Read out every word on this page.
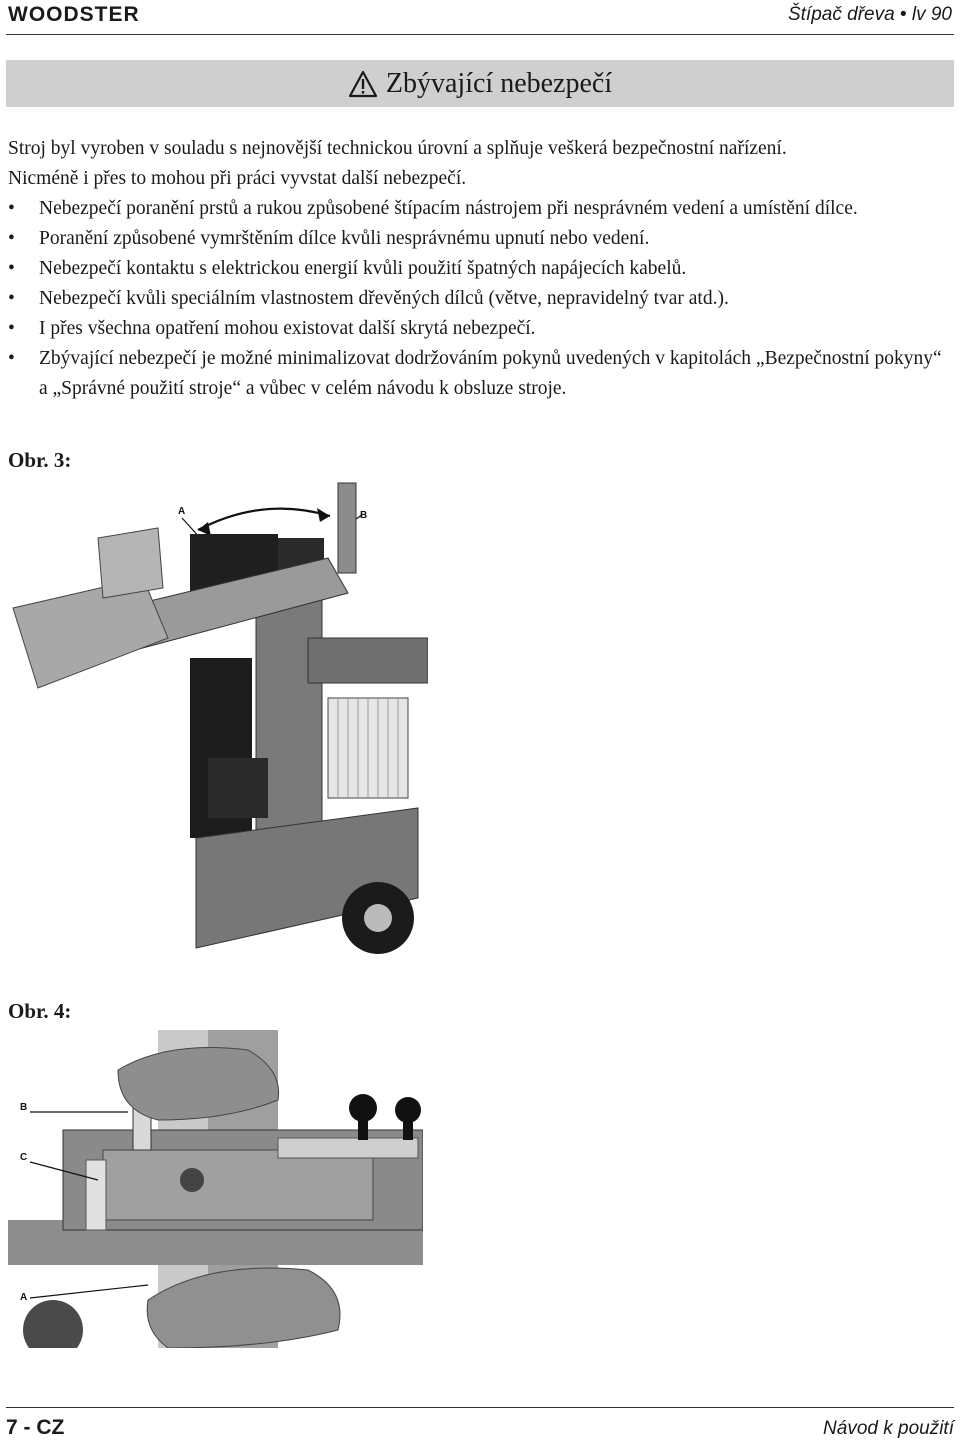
WOODSTER	Štípač dřeva • lv 90
Zbývající nebezpečí

Stroj byl vyroben v souladu s nejnovější technickou úrovní a splňuje veškerá bezpečnostní nařízení.

Nicméně i přes to mohou při práci vyvstat další nebezpečí.

• Nebezpečí poranění prstů a rukou způsobené štípacím nástrojem při nesprávném vedení a umístění dílce.
• Poranění způsobené vymrštěním dílce kvůli nesprávnému upnutí nebo vedení.
• Nebezpečí kontaktu s elektrickou energií kvůli použití špatných napájecích kabelů.
• Nebezpečí kvůli speciálním vlastnostem dřevěných dílců (větve, nepravidelný tvar atd.).
• I přes všechna opatření mohou existovat další skrytá nebezpečí.
• Zbývající nebezpečí je možné minimalizovat dodržováním pokynů uvedených v kapitolách „Bezpečnostní pokyny“ a „Správné použití stroje“ a vůbec v celém návodu k obsluze stroje.
Obr. 3:
A	B
Obr. 4:
B
C
A
7 - CZ	Návod k použití
